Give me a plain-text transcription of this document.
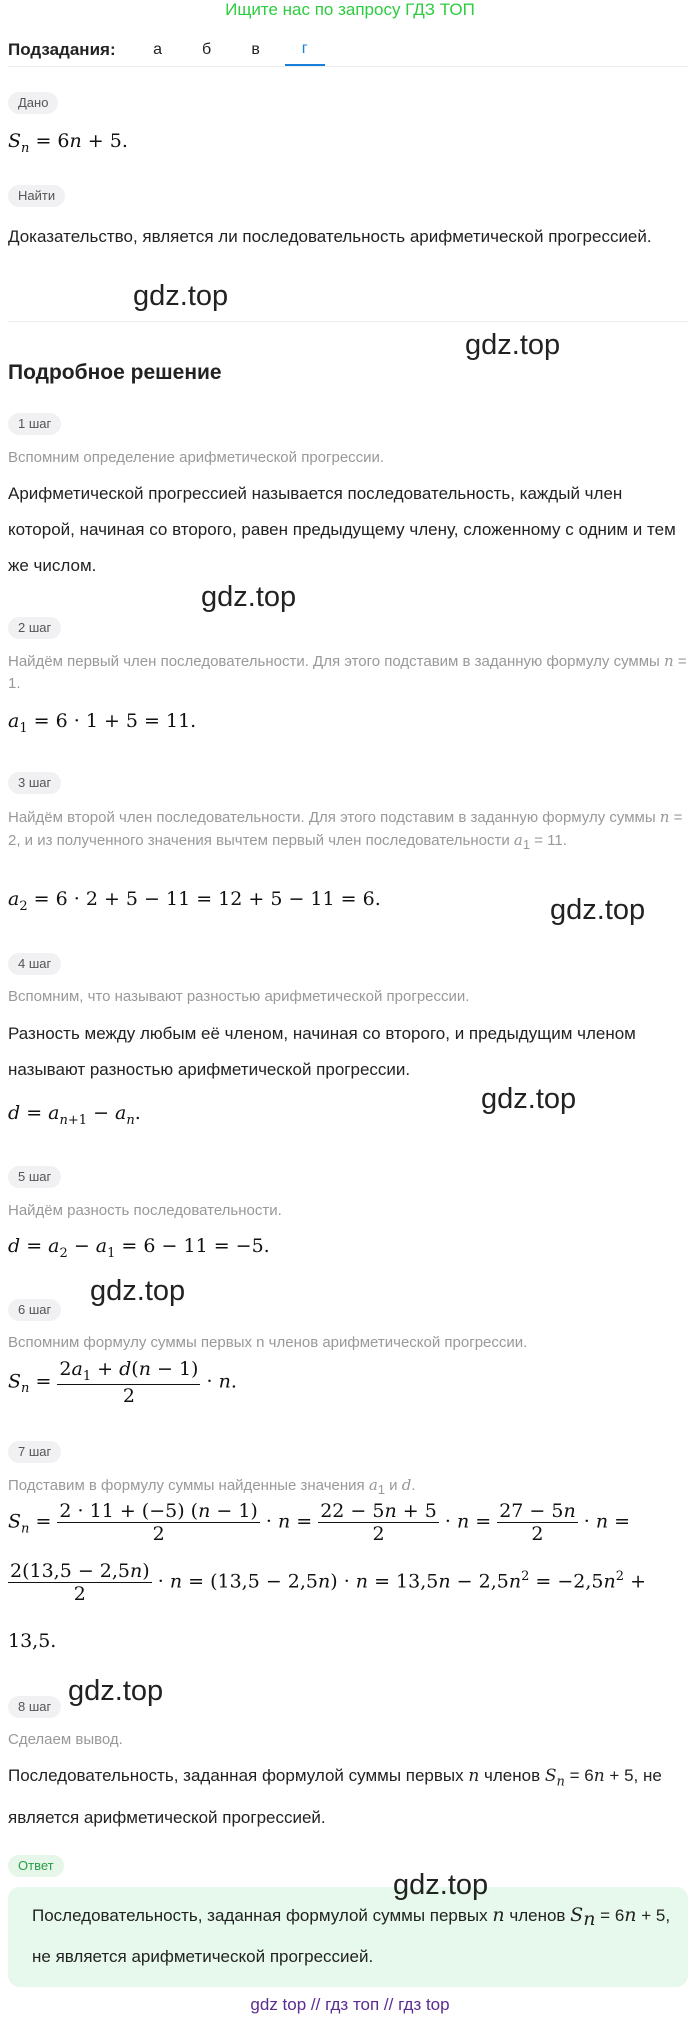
Ищите нас по запросу ГДЗ ТОП
Подзадания:	а	б	в	г
Дано
$S_n = 6n + 5$.
Найти
Доказательство, является ли последовательность арифметической прогрессией.
Подробное решение
1 шаг
Вспомним определение арифметической прогрессии.
Арифметической прогрессией называется последовательность, каждый член которой, начиная со второго, равен предыдущему члену, сложенному с одним и тем же числом.
2 шаг
Найдём первый член последовательности. Для этого подставим в заданную формулу суммы n = 1.
$a_1 = 6 \cdot 1 + 5 = 11$.
3 шаг
Найдём второй член последовательности. Для этого подставим в заданную формулу суммы n = 2, и из полученного значения вычтем первый член последовательности $a_1 = 11$.
$a_2 = 6 \cdot 2 + 5 - 11 = 12 + 5 - 11 = 6$.
4 шаг
Вспомним, что называют разностью арифметической прогрессии.
Разность между любым её членом, начиная со второго, и предыдущим членом называют разностью арифметической прогрессии.
$d = a_{n+1} - a_n$.
5 шаг
Найдём разность последовательности.
$d = a_2 - a_1 = 6 - 11 = -5$.
6 шаг
Вспомним формулу суммы первых n членов арифметической прогрессии.
$S_n = \frac{2a_1 + d(n - 1)}{2} \cdot n$.
7 шаг
Подставим в формулу суммы найденные значения $a_1$ и d.
$S_n = \frac{2 \cdot 11 + (-5) (n - 1)}{2} \cdot n = \frac{22 - 5n + 5}{2} \cdot n = \frac{27 - 5n}{2} \cdot n$ =
$\frac{2(13,5 - 2,5n)}{2} \cdot n = (13,5 - 2,5n) \cdot n = 13,5n - 2,5n^2 = -2,5n^2$ +
13,5.
8 шаг
Сделаем вывод.
Последовательность, заданная формулой суммы первых n членов $S_n = 6n + 5$, не является арифметической прогрессией.
Ответ
Последовательность, заданная формулой суммы первых n членов $S_n = 6n + 5$, не является арифметической прогрессией.
gdz.top
gdz.top
gdz.top
gdz.top
gdz.top
gdz.top
gdz.top
gdz.top
gdz top // гдз топ // гдз top
